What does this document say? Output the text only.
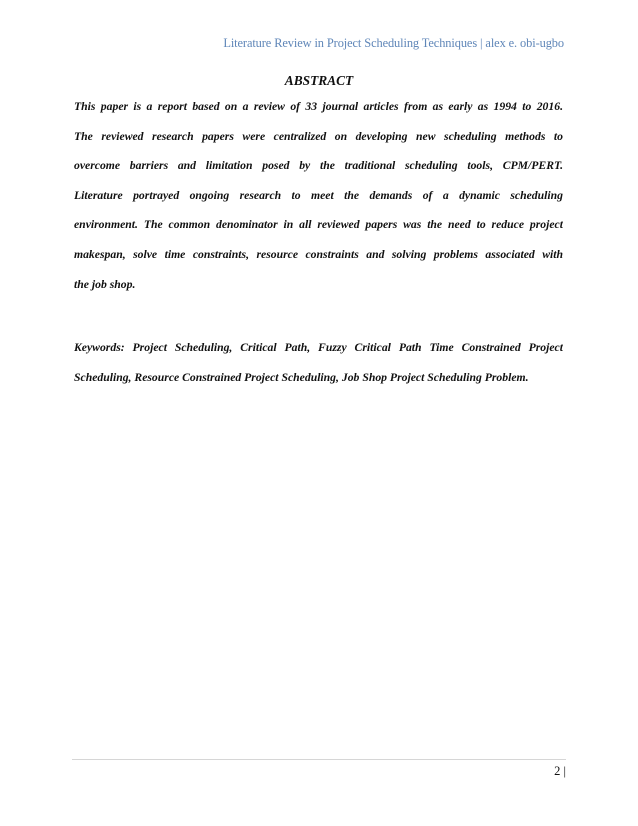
Literature Review in Project Scheduling Techniques | alex e. obi-ugbo
ABSTRACT
This paper is a report based on a review of 33 journal articles from as early as 1994 to 2016.
The reviewed research papers were centralized on developing new scheduling methods to
overcome barriers and limitation posed by the traditional scheduling tools, CPM/PERT.
Literature portrayed ongoing research to meet the demands of a dynamic scheduling
environment. The common denominator in all reviewed papers was the need to reduce project
makespan, solve time constraints, resource constraints and solving problems associated with
the job shop.
Keywords: Project Scheduling, Critical Path, Fuzzy Critical Path Time Constrained Project
Scheduling, Resource Constrained Project Scheduling, Job Shop Project Scheduling Problem.
2 |
